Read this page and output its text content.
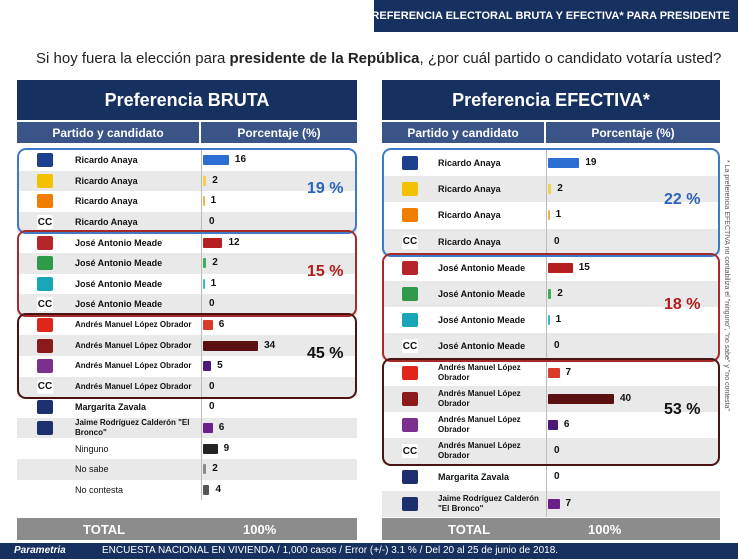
PREFERENCIA ELECTORAL BRUTA Y EFECTIVA* PARA PRESIDENTE
Si hoy fuera la elección para presidente de la República, ¿por cuál partido o candidato votaría usted?
Preferencia BRUTA
Partido y candidato	Porcentaje (%)
Ricardo Anaya	16
Ricardo Anaya	2
Ricardo Anaya	1
CC	Ricardo Anaya	0
José Antonio Meade	12
José Antonio Meade	2
José Antonio Meade	1
CC	José Antonio Meade	0
Andrés Manuel López Obrador	6
Andrés Manuel López Obrador	34
Andrés Manuel López Obrador	5
CC	Andrés Manuel López Obrador	0
Margarita Zavala	0
Jaime Rodríguez Calderón "El Bronco"	6
Ninguno	9
No sabe	2
No contesta	4
19 %
15 %
45 %
TOTAL	100%
Preferencia EFECTIVA*
Partido y candidato	Porcentaje (%)
Ricardo Anaya	19
Ricardo Anaya	2
Ricardo Anaya	1
CC Ricardo Anaya	0
José Antonio Meade	15
José Antonio Meade	2
José Antonio Meade	1
CC José Antonio Meade	0
Andrés Manuel López Obrador	7
Andrés Manuel López Obrador	40
Andrés Manuel López Obrador	6
CC	Andrés Manuel López Obrador	0
Margarita Zavala	0
Jaime Rodríguez Calderón "El Bronco"	7
22 %
18 %
53 %
TOTAL	100%
* La preferencia EFECTIVA no contabiliza el "ninguno", "no sabe" y "no contesta"
Parametria	ENCUESTA NACIONAL EN VIVIENDA / 1,000 casos / Error (+/-) 3.1 % / Del 20 al 25 de junio de 2018.
